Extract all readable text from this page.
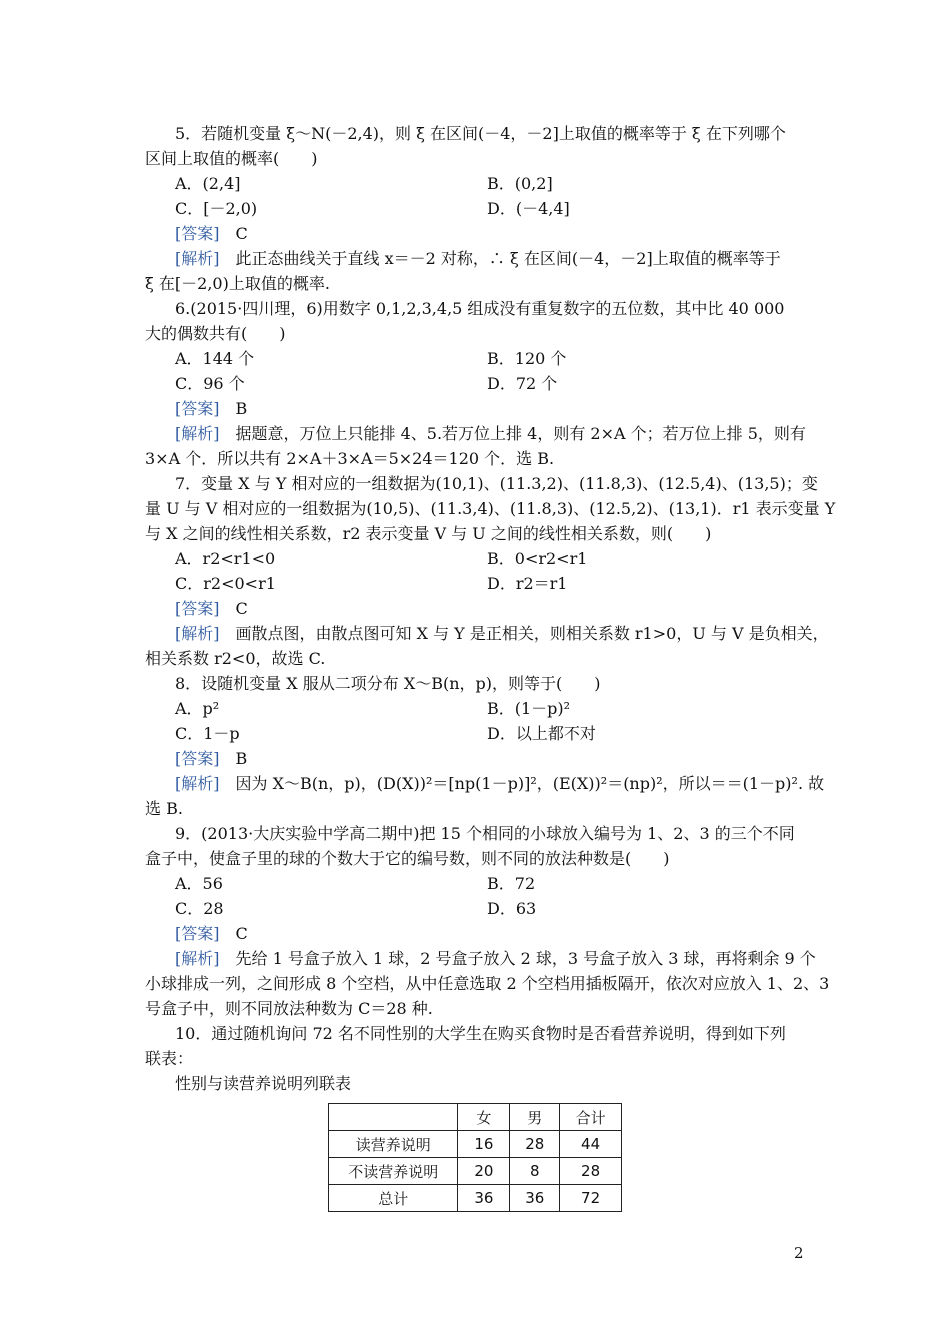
5．若随机变量 ξ～N(－2,4)，则 ξ 在区间(－4，－2]上取值的概率等于 ξ 在下列哪个
区间上取值的概率(　　)
A．(2,4]	B．(0,2]
C．[－2,0)	D．(－4,4]
[答案]　 C
[解析]　 此正态曲线关于直线 x＝－2 对称，∴ ξ 在区间(－4，－2]上取值的概率等于
ξ 在[－2,0)上取值的概率.
6.(2015·四川理，6)用数字 0,1,2,3,4,5 组成没有重复数字的五位数，其中比 40 000
大的偶数共有(　　)
A．144 个	B．120 个
C．96 个	D．72 个
[答案]　 B
[解析]　 据题意，万位上只能排 4、5.若万位上排 4，则有 2×A 个；若万位上排 5，则有
3×A 个．所以共有 2×A＋3×A＝5×24＝120 个．选 B.
7．变量 X 与 Y 相对应的一组数据为(10,1)、(11.3,2)、(11.8,3)、(12.5,4)、(13,5)；变
量 U 与 V 相对应的一组数据为(10,5)、(11.3,4)、(11.8,3)、(12.5,2)、(13,1)．r1 表示变量 Y
与 X 之间的线性相关系数，r2 表示变量 V 与 U 之间的线性相关系数，则(　　)
A．r2<r1<0	B．0<r2<r1
C．r2<0<r1	D．r2＝r1
[答案]　 C
[解析]　 画散点图，由散点图可知 X 与 Y 是正相关，则相关系数 r1>0，U 与 V 是负相关，
相关系数 r2<0，故选 C.
8．设随机变量 X 服从二项分布 X～B(n，p)，则等于(　　)
A．p²	B．(1－p)²
C．1－p	D．以上都不对
[答案]　 B
[解析]　 因为 X～B(n，p)，(D(X))²＝[np(1－p)]²，(E(X))²＝(np)²，所以＝＝(1－p)². 故
选 B.
9．(2013·大庆实验中学高二期中)把 15 个相同的小球放入编号为 1、2、3 的三个不同
盒子中，使盒子里的球的个数大于它的编号数，则不同的放法种数是(　　)
A．56	B．72
C．28	D．63
[答案]　 C
[解析]　 先给 1 号盒子放入 1 球，2 号盒子放入 2 球，3 号盒子放入 3 球，再将剩余 9 个
小球排成一列，之间形成 8 个空档，从中任意选取 2 个空档用插板隔开，依次对应放入 1、2、3
号盒子中，则不同放法种数为 C＝28 种.
10．通过随机询问 72 名不同性别的大学生在购买食物时是否看营养说明，得到如下列
联表：
性别与读营养说明列联表
	女	男	合计
读营养说明	16	28	44
不读营养说明	20	8	28
总计	36	36	72
2
